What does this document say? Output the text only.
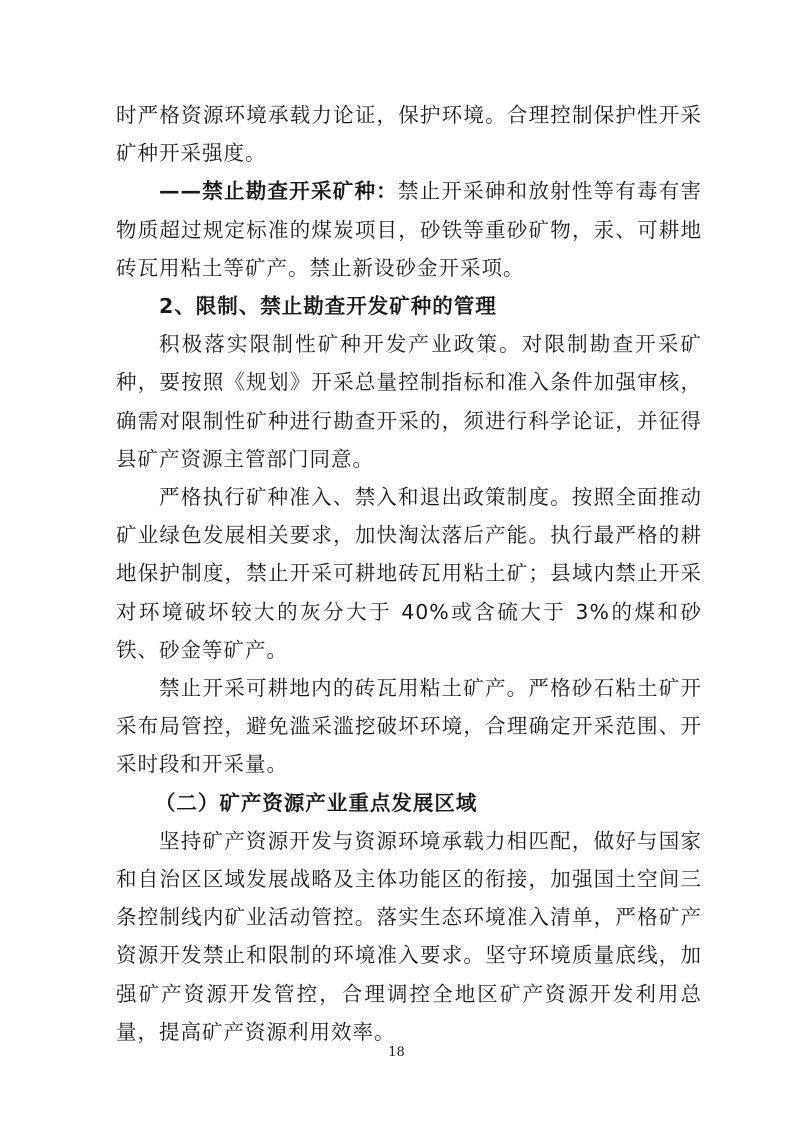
时严格资源环境承载力论证，保护环境。合理控制保护性开采矿种开采强度。

——禁止勘查开采矿种：禁止开采砷和放射性等有毒有害物质超过规定标准的煤炭项目，砂铁等重砂矿物，汞、可耕地砖瓦用粘土等矿产。禁止新设砂金开采项。

2、限制、禁止勘查开发矿种的管理

积极落实限制性矿种开发产业政策。对限制勘查开采矿种，要按照《规划》开采总量控制指标和准入条件加强审核，确需对限制性矿种进行勘查开采的，须进行科学论证，并征得县矿产资源主管部门同意。

严格执行矿种准入、禁入和退出政策制度。按照全面推动矿业绿色发展相关要求，加快淘汰落后产能。执行最严格的耕地保护制度，禁止开采可耕地砖瓦用粘土矿；县域内禁止开采对环境破坏较大的灰分大于 40%或含硫大于 3%的煤和砂铁、砂金等矿产。

禁止开采可耕地内的砖瓦用粘土矿产。严格砂石粘土矿开采布局管控，避免滥采滥挖破坏环境，合理确定开采范围、开采时段和开采量。

（二）矿产资源产业重点发展区域

坚持矿产资源开发与资源环境承载力相匹配，做好与国家和自治区区域发展战略及主体功能区的衔接，加强国土空间三条控制线内矿业活动管控。落实生态环境准入清单，严格矿产资源开发禁止和限制的环境准入要求。坚守环境质量底线，加强矿产资源开发管控，合理调控全地区矿产资源开发利用总量，提高矿产资源利用效率。

18
